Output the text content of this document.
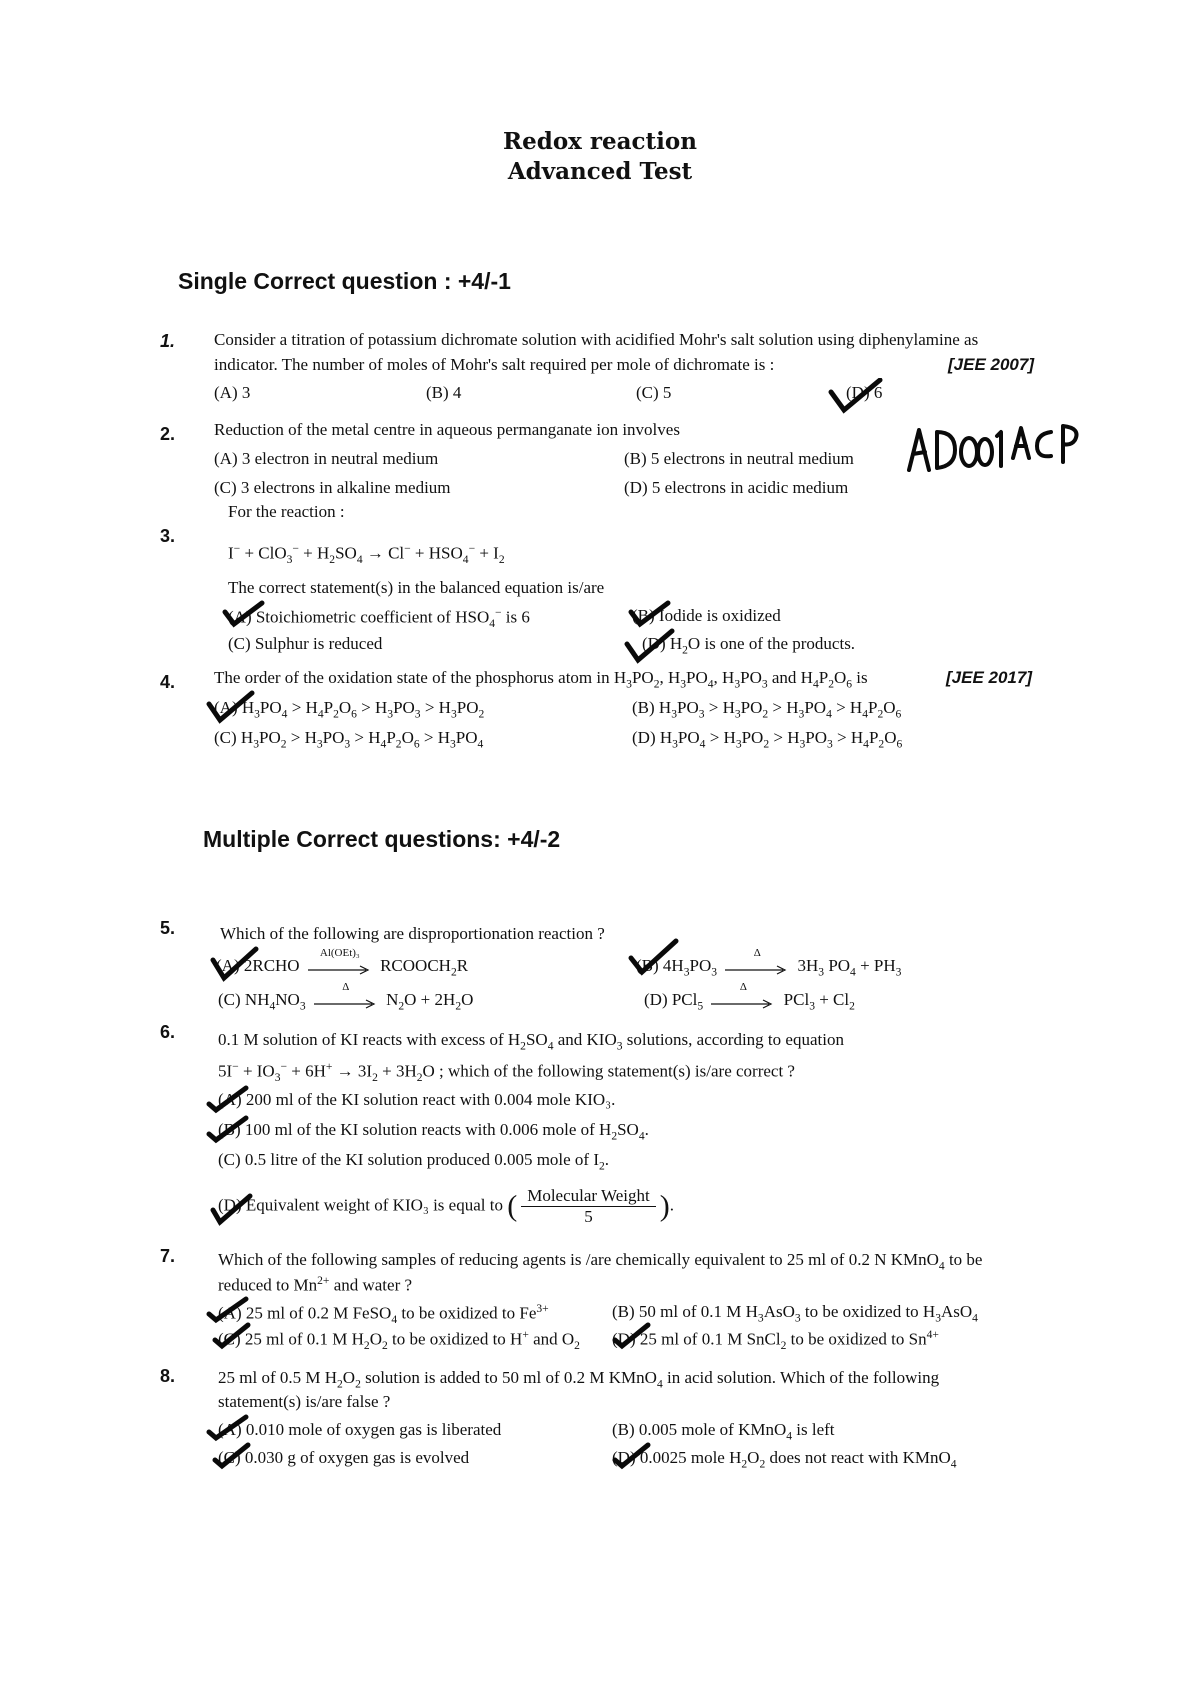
Redox reaction
Advanced Test
Single Correct question : +4/-1
1. Consider a titration of potassium dichromate solution with acidified Mohr's salt solution using diphenylamine as
indicator. The number of moles of Mohr's salt required per mole of dichromate is :	[JEE 2007]
(A) 3	(B) 4	(C) 5	(D) 6
2. Reduction of the metal centre in aqueous permanganate ion involves
(A) 3 electron in neutral medium	(B) 5 electrons in neutral medium
(C) 3 electrons in alkaline medium	(D) 5 electrons in acidic medium
For the reaction :
3.
$I^- + ClO_3^- + H_2SO_4 \to Cl^- + HSO_4^- + I_2$
The correct statement(s) in the balanced equation is/are
(A) Stoichiometric coefficient of $HSO_4^-$ is 6	(B) Iodide is oxidized
(C) Sulphur is reduced	(D) $H_2O$ is one of the products.
4. The order of the oxidation state of the phosphorus atom in $H_3PO_2$, $H_3PO_4$, $H_3PO_3$ and $H_4P_2O_6$ is	[JEE 2017]
(A) $H_3PO_4 > H_4P_2O_6 > H_3PO_3 > H_3PO_2$	(B) $H_3PO_3 > H_3PO_2 > H_3PO_4 > H_4P_2O_6$
(C) $H_3PO_2 > H_3PO_3 > H_4P_2O_6 > H_3PO_4$	(D) $H_3PO_4 > H_3PO_2 > H_3PO_3 > H_4P_2O_6$
Multiple Correct questions: +4/-2
5.	Which of the following are disproportionation reaction ?
(A) 2RCHO
Al(OEt)₃
$RCOOCH_2R$	(B) $4H_3PO_3$
Δ
$3H_3$ $PO_4 + PH_3$
(C) $NH_4NO_3$
Δ
$N_2O + 2H_2O$	(D) PCl$_5$
Δ
$PCl_3 + Cl_2$
6.	0.1 M solution of KI reacts with excess of $H_2SO_4$ and $KIO_3$ solutions, according to equation
$5I^- + IO_3^- + 6H^+ \to 3I_2 + 3H_2O$ ; which of the following statement(s) is/are correct ?
(A) 200 ml of the KI solution react with 0.004 mole KIO₃.
(B) 100 ml of the KI solution reacts with 0.006 mole of $H_2SO_4$.
(C) 0.5 litre of the KI solution produced 0.005 mole of $I_2$.
(D) Equivalent weight of KIO₃ is equal to ( $\frac{\text{Molecular Weight}}{5}$ ).
7.	Which of the following samples of reducing agents is /are chemically equivalent to 25 ml of 0.2 N KMnO$_4$ to be
reduced to $Mn^{2+}$ and water ?
(A) 25 ml of 0.2 M FeSO$_4$ to be oxidized to $Fe^{3+}$	(B) 50 ml of 0.1 M $H_3AsO_3$ to be oxidized to $H_3AsO_4$
(C) 25 ml of 0.1 M $H_2O_2$ to be oxidized to H+ and $O_2$ (D) 25 ml of 0.1 M SnCl$_2$ to be oxidized to $Sn^{4+}$
8.	25 ml of 0.5 M $H_2O_2$ solution is added to 50 ml of 0.2 M KMnO$_4$ in acid solution. Which of the following
statement(s) is/are false ?
(A) 0.010 mole of oxygen gas is liberated	(B) 0.005 mole of KMnO$_4$ is left
(C) 0.030 g of oxygen gas is evolved	(D) 0.0025 mole $H_2O_2$ does not react with KMnO$_4$
